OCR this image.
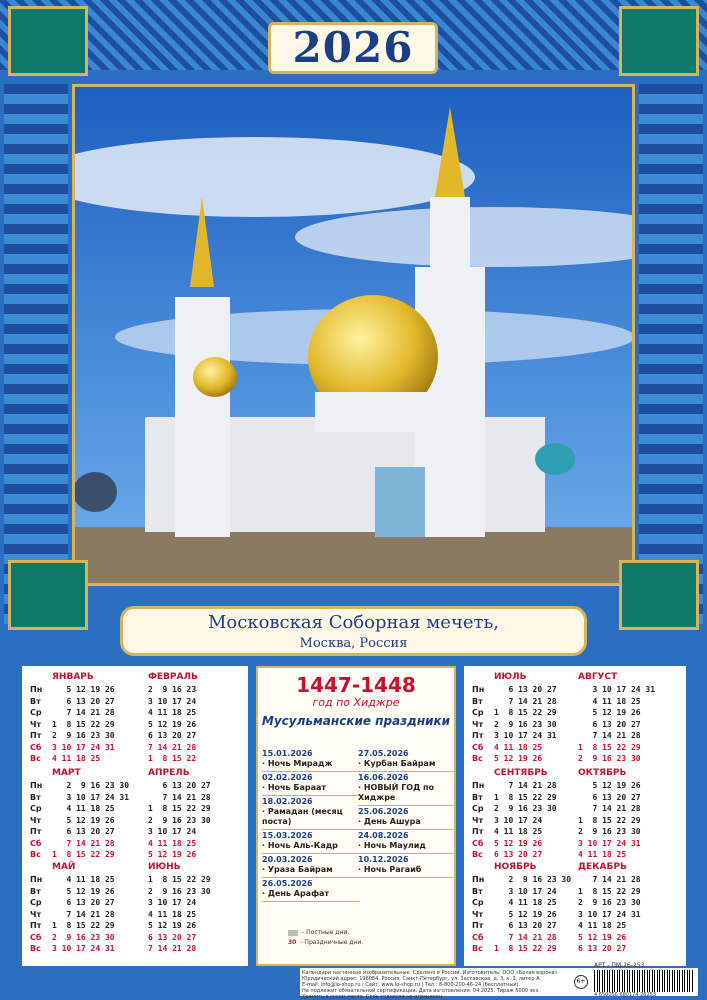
2026
Московская Соборная мечеть,
Москва, Россия
1447-1448
год по Хиджре
Мусульманские праздники
15.01.2026
· Ночь Мирадж
02.02.2026
· Ночь Бараат
18.02.2026
· Рамадан (месяц поста)
15.03.2026
· Ночь Аль-Кадр
20.03.2026
· Ураза Байрам
26.05.2026
· День Арафат
27.05.2026
· Курбан Байрам
16.06.2026
· НОВЫЙ ГОД по Хиджре
25.06.2026
· День Ашура
24.08.2026
· Ночь Маулид
10.12.2026
· Ночь Рагаиб
- Постные дни.
30 - Праздничные дни.
ЯНВАРЬ
Пн	5 12 19 26
Вт	6 13 20 27
Ср	7 14 21 28
Чт	1  8 15 22 29
Пт	2  9 16 23 30
Сб	3 10 17 24 31
Вс	4 11 18 25
ФЕВРАЛЬ
2  9 16 23
3 10 17 24
4 11 18 25
5 12 19 26
6 13 20 27
7 14 21 28
1  8 15 22
МАРТ
Пн	2  9 16 23 30
Вт	3 10 17 24 31
Ср	4 11 18 25
Чт	5 12 19 26
Пт	6 13 20 27
Сб	7 14 21 28
Вс	1  8 15 22 29
АПРЕЛЬ
6 13 20 27
7 14 21 28
1  8 15 22 29
2  9 16 23 30
3 10 17 24
4 11 18 25
5 12 19 26
МАЙ
Пн	4 11 18 25
Вт	5 12 19 26
Ср	6 13 20 27
Чт	7 14 21 28
Пт	1  8 15 22 29
Сб	2  9 16 23 30
Вс	3 10 17 24 31
ИЮНЬ
1  8 15 22 29
2  9 16 23 30
3 10 17 24
4 11 18 25
5 12 19 26
6 13 20 27
7 14 21 28
ИЮЛЬ
Пн	6 13 20 27
Вт	7 14 21 28
Ср	1  8 15 22 29
Чт	2  9 16 23 30
Пт	3 10 17 24 31
Сб	4 11 18 25
Вс	5 12 19 26
АВГУСТ
3 10 17 24 31
4 11 18 25
5 12 19 26
6 13 20 27
7 14 21 28
1  8 15 22 29
2  9 16 23 30
СЕНТЯБРЬ
Пн	7 14 21 28
Вт	1  8 15 22 29
Ср	2  9 16 23 30
Чт	3 10 17 24
Пт	4 11 18 25
Сб	5 12 19 26
Вс	6 13 20 27
ОКТЯБРЬ
5 12 19 26
6 13 20 27
7 14 21 28
1  8 15 22 29
2  9 16 23 30
3 10 17 24 31
4 11 18 25
НОЯБРЬ
Пн	2  9 16 23 30
Вт	3 10 17 24
Ср	4 11 18 25
Чт	5 12 19 26
Пт	6 13 20 27
Сб	7 14 21 28
Вс	1  8 15 22 29
ДЕКАБРЬ
7 14 21 28
1  8 15 22 29
2  9 16 23 30
3 10 17 24 31
4 11 18 25
5 12 19 26
6 13 20 27
Календари настенные изобразительные. Сделано в России. Изготовитель: ООО «Белая ворона».
Юридический адрес: 196084, Россия, Санкт-Петербург, ул. Заставская, д. 3, к. 3, литер А.
E-mail: info@lo-shop.ru | Сайт: www.lo-shop.ru | Тел.: 8-800-200-46-24 (бесплатный).
Не подлежит обязательной сертификации. Дата изготовления: 04.2025. Тираж 5000 экз.
Хранить в сухом месте. Срок годности не ограничен.
6+
АРТ - ПМ-26-253
4 650056 680174 26253
